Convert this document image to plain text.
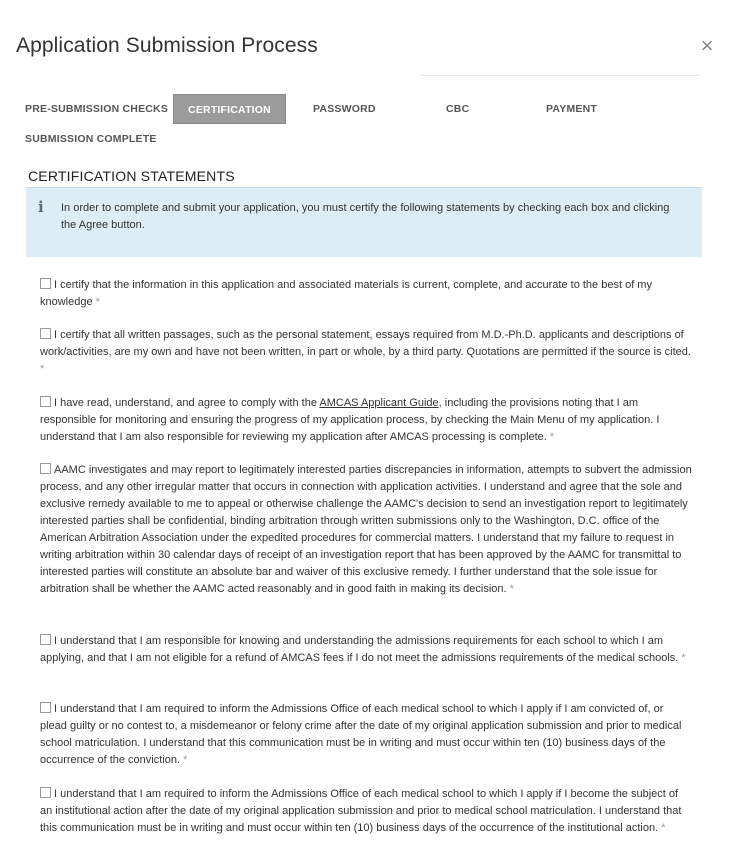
Application Submission Process	×
PRE-SUBMISSION CHECKS	CERTIFICATION	PASSWORD	CBC	PAYMENT
SUBMISSION COMPLETE
CERTIFICATION STATEMENTS
i In order to complete and submit your application, you must certify the following statements by checking each box and clicking the Agree button.
I certify that the information in this application and associated materials is current, complete, and accurate to the best of my knowledge *
I certify that all written passages, such as the personal statement, essays required from M.D.-Ph.D. applicants and descriptions of work/activities, are my own and have not been written, in part or whole, by a third party. Quotations are permitted if the source is cited. *
I have read, understand, and agree to comply with the AMCAS Applicant Guide, including the provisions noting that I am responsible for monitoring and ensuring the progress of my application process, by checking the Main Menu of my application. I understand that I am also responsible for reviewing my application after AMCAS processing is complete. *
AAMC investigates and may report to legitimately interested parties discrepancies in information, attempts to subvert the admission process, and any other irregular matter that occurs in connection with application activities. I understand and agree that the sole and exclusive remedy available to me to appeal or otherwise challenge the AAMC's decision to send an investigation report to legitimately interested parties shall be confidential, binding arbitration through written submissions only to the Washington, D.C. office of the American Arbitration Association under the expedited procedures for commercial matters. I understand that my failure to request in writing arbitration within 30 calendar days of receipt of an investigation report that has been approved by the AAMC for transmittal to interested parties will constitute an absolute bar and waiver of this exclusive remedy. I further understand that the sole issue for arbitration shall be whether the AAMC acted reasonably and in good faith in making its decision. *
I understand that I am responsible for knowing and understanding the admissions requirements for each school to which I am applying, and that I am not eligible for a refund of AMCAS fees if I do not meet the admissions requirements of the medical schools. *
I understand that I am required to inform the Admissions Office of each medical school to which I apply if I am convicted of, or plead guilty or no contest to, a misdemeanor or felony crime after the date of my original application submission and prior to medical school matriculation. I understand that this communication must be in writing and must occur within ten (10) business days of the occurrence of the conviction. *
I understand that I am required to inform the Admissions Office of each medical school to which I apply if I become the subject of an institutional action after the date of my original application submission and prior to medical school matriculation. I understand that this communication must be in writing and must occur within ten (10) business days of the occurrence of the institutional action. *
